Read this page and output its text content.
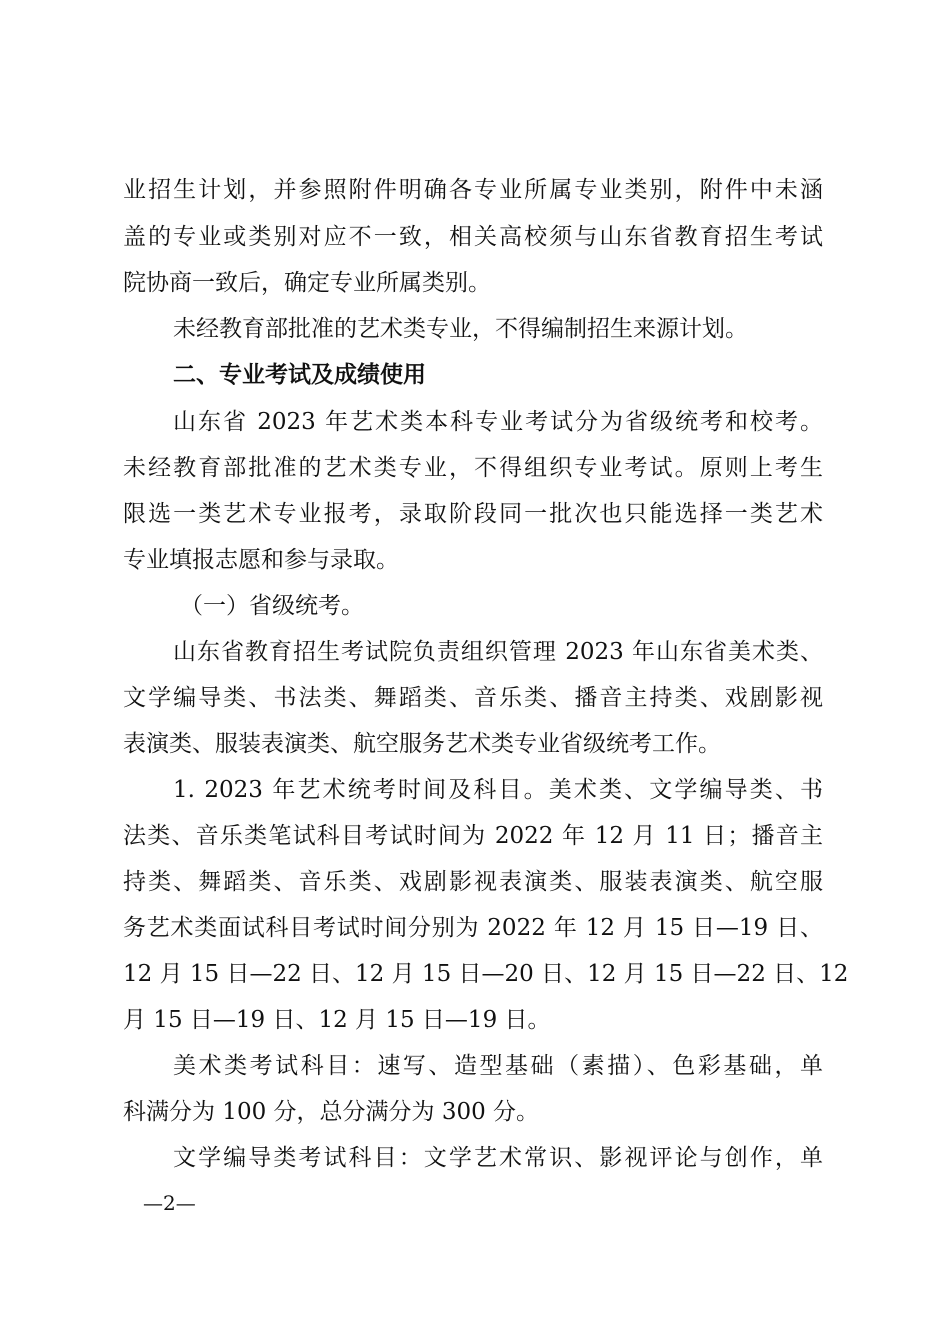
业招生计划，并参照附件明确各专业所属专业类别，附件中未涵
盖的专业或类别对应不一致，相关高校须与山东省教育招生考试
院协商一致后，确定专业所属类别。
未经教育部批准的艺术类专业，不得编制招生来源计划。
二、专业考试及成绩使用
山东省 2023 年艺术类本科专业考试分为省级统考和校考。
未经教育部批准的艺术类专业，不得组织专业考试。原则上考生
限选一类艺术专业报考，录取阶段同一批次也只能选择一类艺术
专业填报志愿和参与录取。
（一）省级统考。
山东省教育招生考试院负责组织管理 2023 年山东省美术类、
文学编导类、书法类、舞蹈类、音乐类、播音主持类、戏剧影视
表演类、服装表演类、航空服务艺术类专业省级统考工作。
1. 2023 年艺术统考时间及科目。美术类、文学编导类、书
法类、音乐类笔试科目考试时间为 2022 年 12 月 11 日；播音主
持类、舞蹈类、音乐类、戏剧影视表演类、服装表演类、航空服
务艺术类面试科目考试时间分别为 2022 年 12 月 15 日—19 日、
12 月 15 日—22 日、12 月 15 日—20 日、12 月 15 日—22 日、12
月 15 日—19 日、12 月 15 日—19 日。
美术类考试科目：速写、造型基础（素描）、色彩基础，单
科满分为 100 分，总分满分为 300 分。
文学编导类考试科目：文学艺术常识、影视评论与创作，单
—2—
